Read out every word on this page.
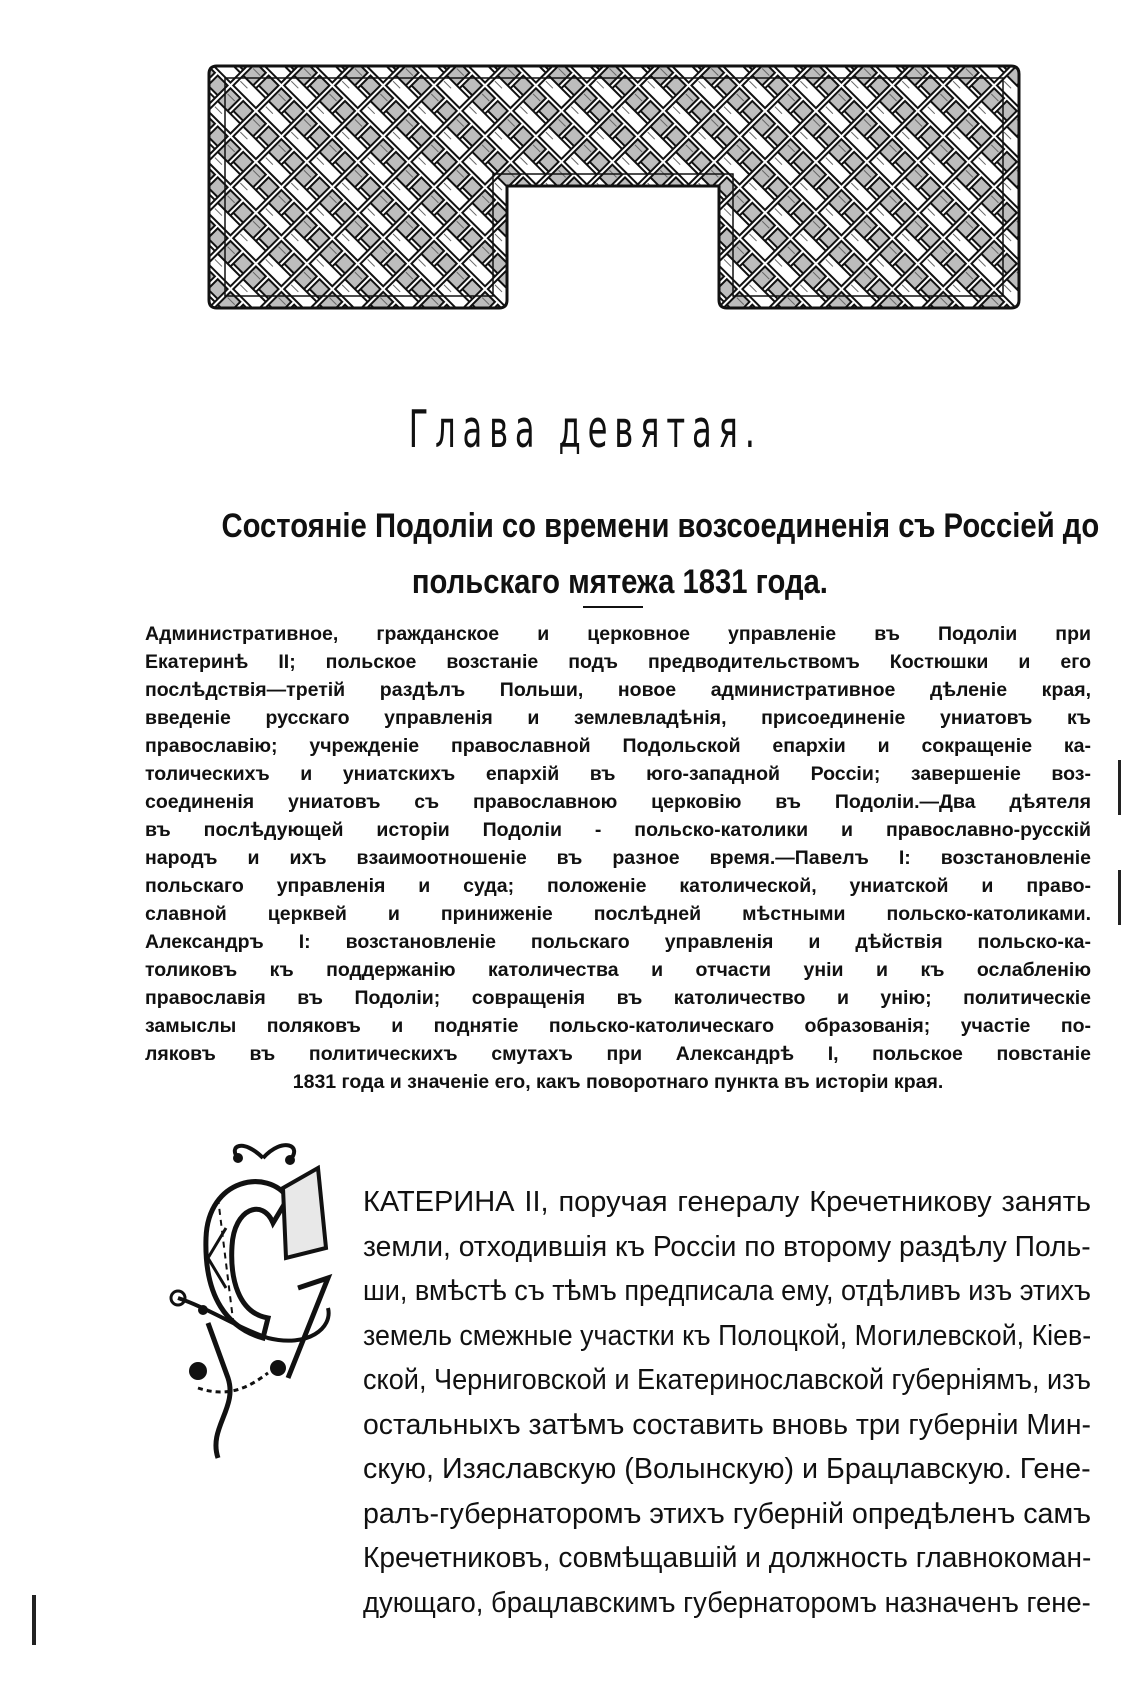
Глава девятая.
Состоянiе Подолiи со времени возсоединенiя съ Россiей до
польскаго мятежа 1831 года.
Административное, гражданское и церковное управленiе въ Подолiи при
Екатеринѣ II; польское возстанiе подъ предводительствомъ Костюшки и его
послѣдствiя—третiй раздѣлъ Польши, новое административное дѣленiе края,
введенiе русскаго управленiя и землевладѣнiя, присоединенiе униатовъ къ
православiю; учрежденiе православной Подольской епархiи и сокращенiе ка-
толическихъ и униатскихъ епархiй въ юго-западной Россiи; завершенiе воз-
соединенiя униатовъ съ православною церковiю въ Подолiи.—Два дѣятеля
въ послѣдующей исторiи Подолiи - польско-католики и православно-русскiй
народъ и ихъ взаимоотношенiе въ разное время.—Павелъ I: возстановленiе
польскаго управленiя и суда; положенiе католической, униатской и право-
славной церквей и приниженiе послѣдней мѣстными польско-католиками.
Александръ I: возстановленiе польскаго управленiя и дѣйствiя польско-ка-
толиковъ къ поддержанiю католичества и отчасти унiи и къ ослабленiю
православiя въ Подолiи; совращенiя въ католичество и унiю; политическiе
замыслы поляковъ и поднятiе польско-католическаго образованiя; участiе по-
ляковъ въ политическихъ смутахъ при Александрѣ I, польское повстанiе
1831 года и значенiе его, какъ поворотнаго пункта въ исторiи края.
КАТЕРИНА II, поручая генералу Кречетникову занять
земли, отходившiя къ Россiи по второму раздѣлу Поль-
ши, вмѣстѣ съ тѣмъ предписала ему, отдѣливъ изъ этихъ
земель смежные участки къ Полоцкой, Могилевской, Кiев-
ской, Черниговской и Екатеринославской губернiямъ, изъ
остальныхъ затѣмъ составить вновь три губернiи Мин-
скую, Изяславскую (Волынскую) и Брацлавскую. Гене-
ралъ-губернаторомъ этихъ губернiй опредѣленъ самъ
Кречетниковъ, совмѣщавшiй и должность главнокоман-
дующаго, брацлавскимъ губернаторомъ назначенъ гене-
